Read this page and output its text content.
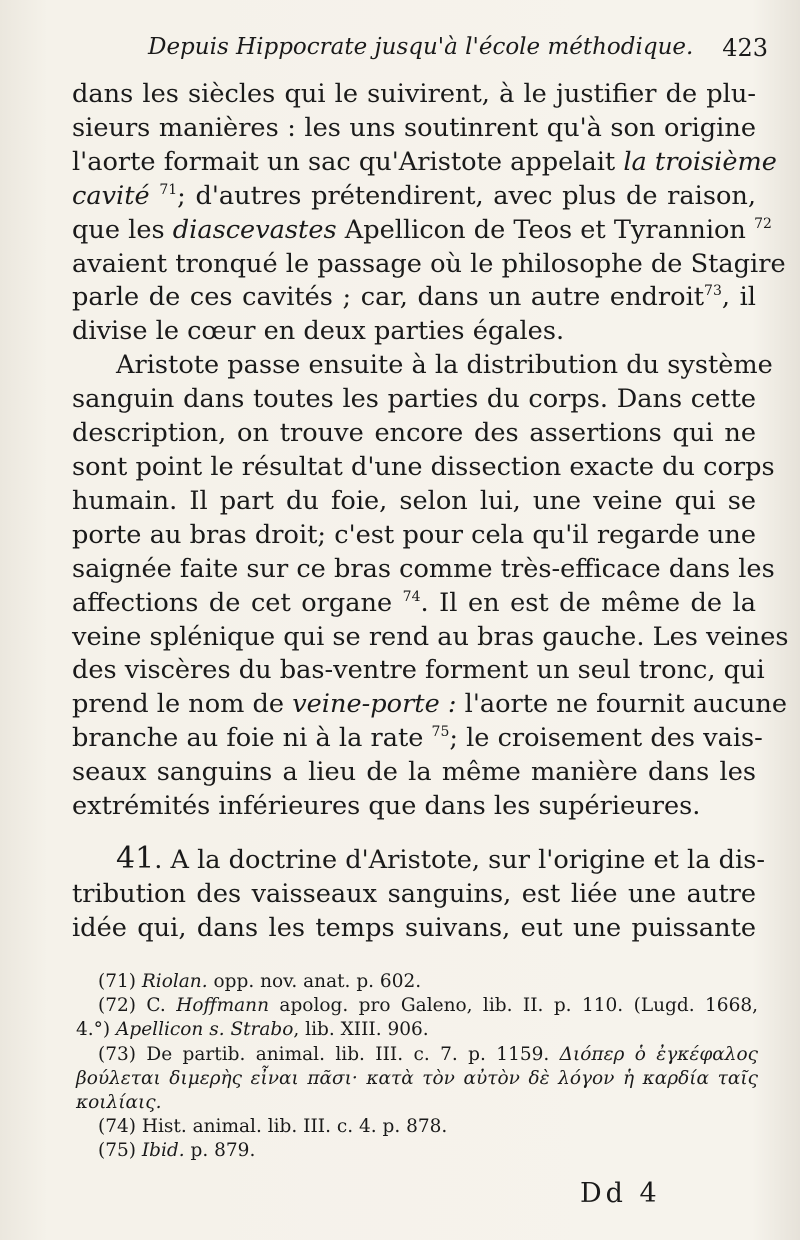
Depuis Hippocrate jusqu'à l'école méthodique. 423
dans les siècles qui le suivirent, à le justifier de plu-
sieurs manières : les uns soutinrent qu'à son origine
l'aorte formait un sac qu'Aristote appelait la troisième
cavité $^{71}$; d'autres prétendirent, avec plus de raison,
que les diascevastes Apellicon de Teos et Tyrannion $^{72}$
avaient tronqué le passage où le philosophe de Stagire
parle de ces cavités ; car, dans un autre endroit$^{73}$, il
divise le cœur en deux parties égales.
Aristote passe ensuite à la distribution du système
sanguin dans toutes les parties du corps. Dans cette
description, on trouve encore des assertions qui ne
sont point le résultat d'une dissection exacte du corps
humain. Il part du foie, selon lui, une veine qui se
porte au bras droit; c'est pour cela qu'il regarde une
saignée faite sur ce bras comme très-efficace dans les
affections de cet organe $^{74}$. Il en est de même de la
veine splénique qui se rend au bras gauche. Les veines
des viscères du bas-ventre forment un seul tronc, qui
prend le nom de veine-porte : l'aorte ne fournit aucune
branche au foie ni à la rate $^{75}$; le croisement des vais-
seaux sanguins a lieu de la même manière dans les
extrémités inférieures que dans les supérieures.
41. A la doctrine d'Aristote, sur l'origine et la dis-
tribution des vaisseaux sanguins, est liée une autre
idée qui, dans les temps suivans, eut une puissante
(71) Riolan. opp. nov. anat. p. 602.
(72) C. Hoffmann apolog. pro Galeno, lib. II. p. 110. (Lugd. 1668,
4.°) Apellicon s. Strabo, lib. XIII. 906.
(73) De partib. animal. lib. III. c. 7. p. 1159. Διόπερ ὁ ἐγκέφαλος
βούλεται διμερὴς εἶναι πᾶσι· κατὰ τὸν αὐτὸν δὲ λόγον ἡ καρδία ταῖς
κοιλίαις.
(74) Hist. animal. lib. III. c. 4. p. 878.
(75) Ibid. p. 879.
Dd 4
